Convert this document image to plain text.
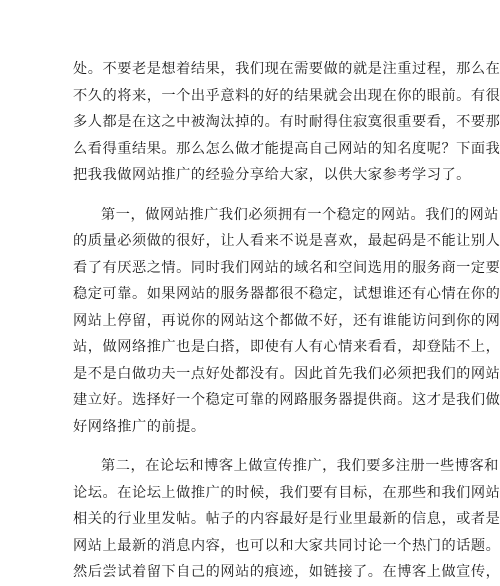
处。不要老是想着结果，我们现在需要做的就是注重过程，那么在
不久的将来，一个出乎意料的好的结果就会出现在你的眼前。有很
多人都是在这之中被淘汰掉的。有时耐得住寂寞很重要看，不要那
么看得重结果。那么怎么做才能提高自己网站的知名度呢？下面我
把我我做网站推广的经验分享给大家，以供大家参考学习了。
第一，做网站推广我们必须拥有一个稳定的网站。我们的网站
的质量必须做的很好，让人看来不说是喜欢，最起码是不能让别人
看了有厌恶之情。同时我们网站的域名和空间选用的服务商一定要
稳定可靠。如果网站的服务器都很不稳定，试想谁还有心情在你的
网站上停留，再说你的网站这个都做不好，还有谁能访问到你的网
站，做网络推广也是白搭，即使有人有心情来看看，却登陆不上，
是不是白做功夫一点好处都没有。因此首先我们必须把我们的网站
建立好。选择好一个稳定可靠的网路服务器提供商。这才是我们做
好网络推广的前提。
第二，在论坛和博客上做宣传推广，我们要多注册一些博客和
论坛。在论坛上做推广的时候，我们要有目标，在那些和我们网站
相关的行业里发帖。帖子的内容最好是行业里最新的信息，或者是
网站上最新的消息内容，也可以和大家共同讨论一个热门的话题。
然后尝试着留下自己的网站的痕迹，如链接了。在博客上做宣传，
